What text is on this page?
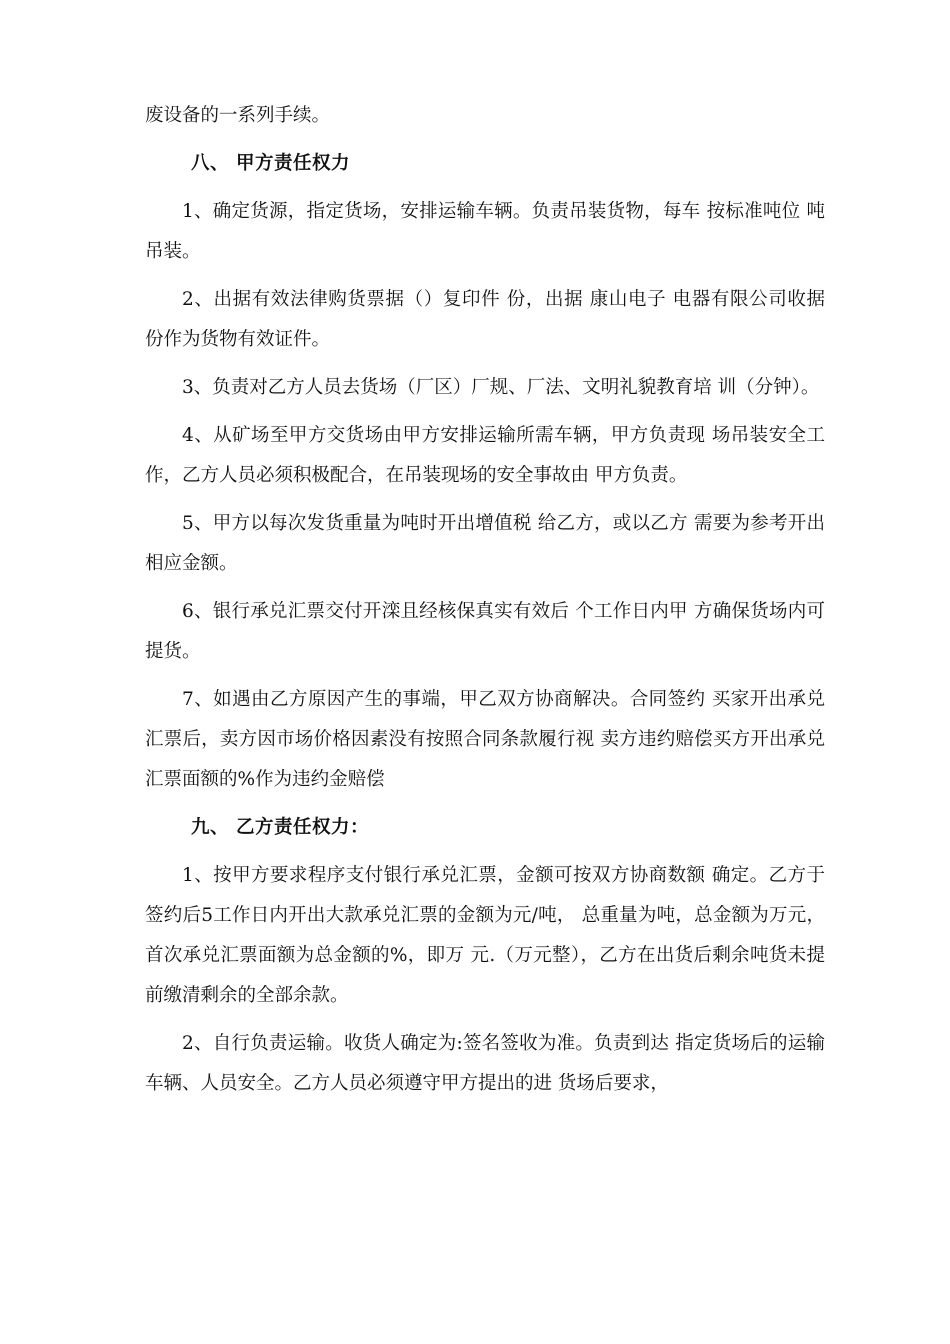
废设备的一系列手续。

八、 甲方责任权力

1、确定货源，指定货场，安排运输车辆。负责吊装货物，每车 按标准吨位 吨吊装。

2、出据有效法律购货票据（）复印件 份，出据 康山电子 电器有限公司收据 份作为货物有效证件。

3、负责对乙方人员去货场（厂区）厂规、厂法、文明礼貌教育培 训（分钟）。

4、从矿场至甲方交货场由甲方安排运输所需车辆，甲方负责现 场吊装安全工作，乙方人员必须积极配合，在吊装现场的安全事故由 甲方负责。

5、甲方以每次发货重量为吨时开出增值税 给乙方，或以乙方 需要为参考开出相应金额。

6、银行承兑汇票交付开滦且经核保真实有效后 个工作日内甲 方确保货场内可提货。

7、如遇由乙方原因产生的事端，甲乙双方协商解决。合同签约 买家开出承兑汇票后，卖方因市场价格因素没有按照合同条款履行视 卖方违约赔偿买方开出承兑汇票面额的%作为违约金赔偿

九、 乙方责任权力：

1、按甲方要求程序支付银行承兑汇票，金额可按双方协商数额 确定。乙方于签约后5工作日内开出大款承兑汇票的金额为元/吨， 总重量为吨，总金额为万元，首次承兑汇票面额为总金额的%，即万 元.（万元整），乙方在出货后剩余吨货未提前缴清剩余的全部余款。

2、自行负责运输。收货人确定为:签名签收为准。负责到达 指定货场后的运输车辆、人员安全。乙方人员必须遵守甲方提出的进 货场后要求，
